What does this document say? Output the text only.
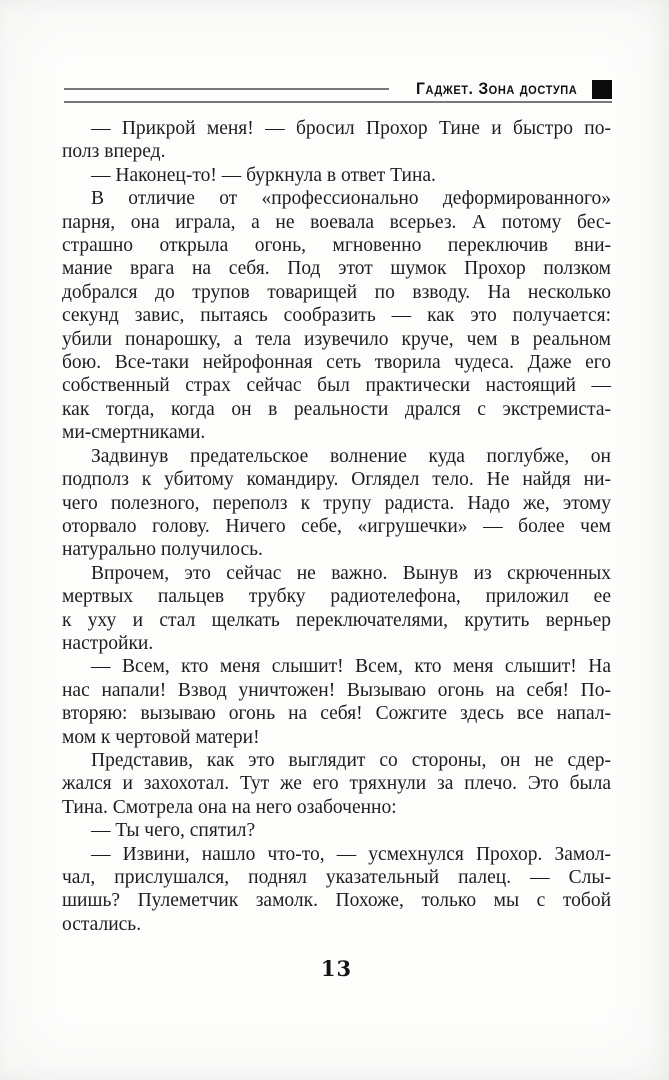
Гаджет. Зона доступа

— Прикрой меня! — бросил Прохор Тине и быстро по-
полз вперед.

— Наконец-то! — буркнула в ответ Тина.

В отличие от «профессионально деформированного»
парня, она играла, а не воевала всерьез. А потому бес-
страшно открыла огонь, мгновенно переключив вни-
мание врага на себя. Под этот шумок Прохор ползком
добрался до трупов товарищей по взводу. На несколько
секунд завис, пытаясь сообразить — как это получается:
убили понарошку, а тела изувечило круче, чем в реальном
бою. Все-таки нейрофонная сеть творила чудеса. Даже его
собственный страх сейчас был практически настоящий —
как тогда, когда он в реальности дрался с экстремиста-
ми-смертниками.

Задвинув предательское волнение куда поглубже, он
подполз к убитому командиру. Оглядел тело. Не найдя ни-
чего полезного, переполз к трупу радиста. Надо же, этому
оторвало голову. Ничего себе, «игрушечки» — более чем
натурально получилось.

Впрочем, это сейчас не важно. Вынув из скрюченных
мертвых пальцев трубку радиотелефона, приложил ее
к уху и стал щелкать переключателями, крутить верньер
настройки.

— Всем, кто меня слышит! Всем, кто меня слышит! На
нас напали! Взвод уничтожен! Вызываю огонь на себя! По-
вторяю: вызываю огонь на себя! Сожгите здесь все напал-
мом к чертовой матери!

Представив, как это выглядит со стороны, он не сдер-
жался и захохотал. Тут же его тряхнули за плечо. Это была
Тина. Смотрела она на него озабоченно:

— Ты чего, спятил?

— Извини, нашло что-то, — усмехнулся Прохор. Замол-
чал, прислушался, поднял указательный палец. — Слы-
шишь? Пулеметчик замолк. Похоже, только мы с тобой
остались.

13
